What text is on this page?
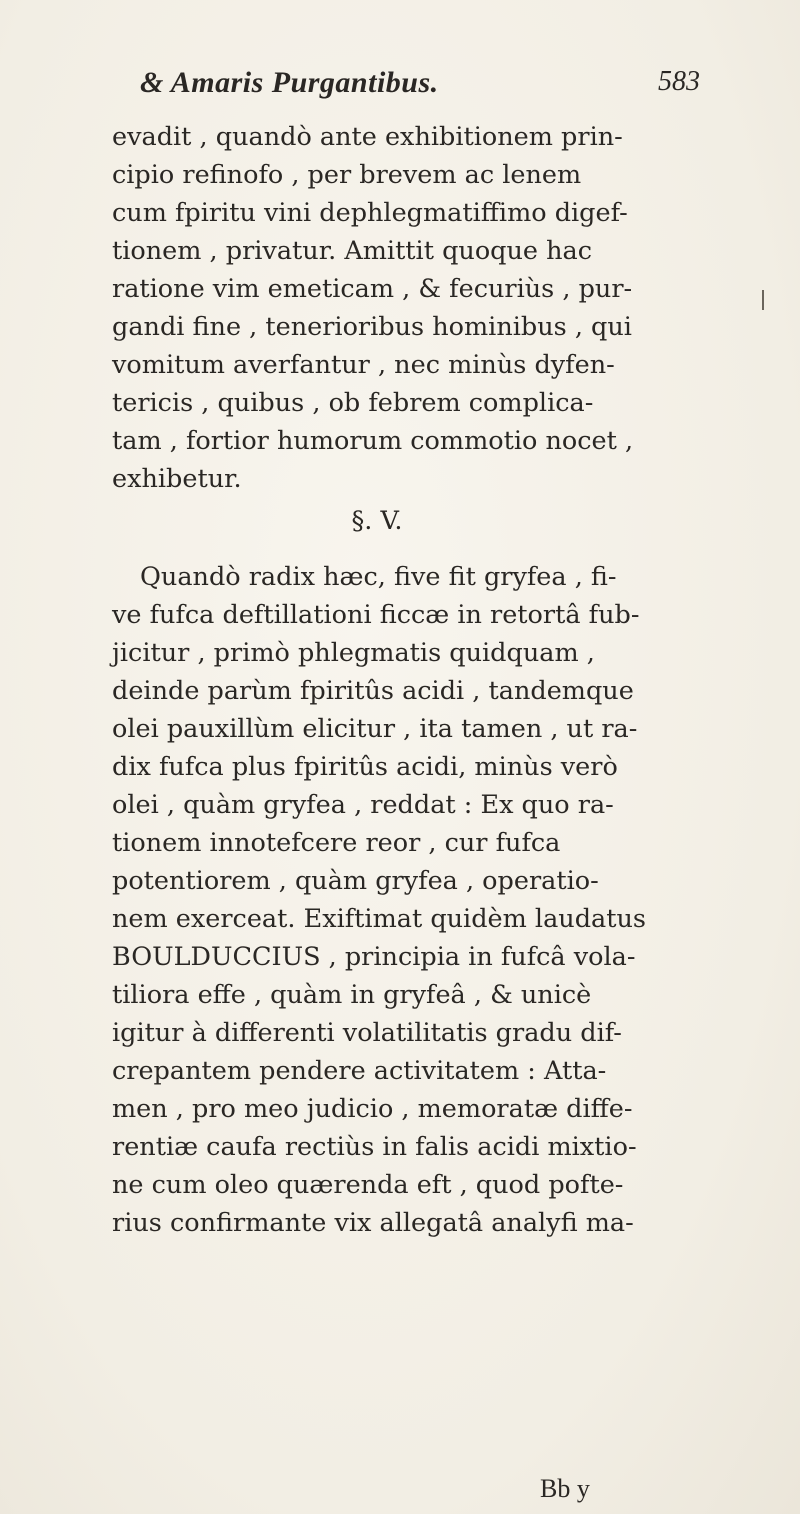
& Amaris Purgantibus.	583
evadit , quandò ante exhibitionem prin-
cipio refinofo , per brevem ac lenem
cum fpiritu vini dephlegmatiffimo digef-
tionem , privatur. Amittit quoque hac
ratione vim emeticam , & fecuriùs , pur-
gandi fine , tenerioribus hominibus , qui
vomitum averfantur , nec minùs dyfen-
tericis , quibus , ob febrem complica-
tam , fortior humorum commotio nocet ,
exhibetur.
§. V.
Quandò radix hæc, five fit gryfea , fi-
ve fufca deftillationi ficcæ in retortâ fub-
jicitur , primò phlegmatis quidquam ,
deinde parùm fpiritûs acidi , tandemque
olei pauxillùm elicitur , ita tamen , ut ra-
dix fufca plus fpiritûs acidi, minùs verò
olei , quàm gryfea , reddat : Ex quo ra-
tionem innotefcere reor , cur fufca
potentiorem , quàm gryfea , operatio-
nem exerceat. Exiftimat quidèm laudatus
BOULDUCCIUS , principia in fufcâ vola-
tiliora effe , quàm in gryfeâ , & unicè
igitur à differenti volatilitatis gradu dif-
crepantem pendere activitatem : Atta-
men , pro meo judicio , memoratæ diffe-
rentiæ caufa rectiùs in falis acidi mixtio-
ne cum oleo quærenda eft , quod pofte-
rius confirmante vix allegatâ analyfi ma-
Bb y
